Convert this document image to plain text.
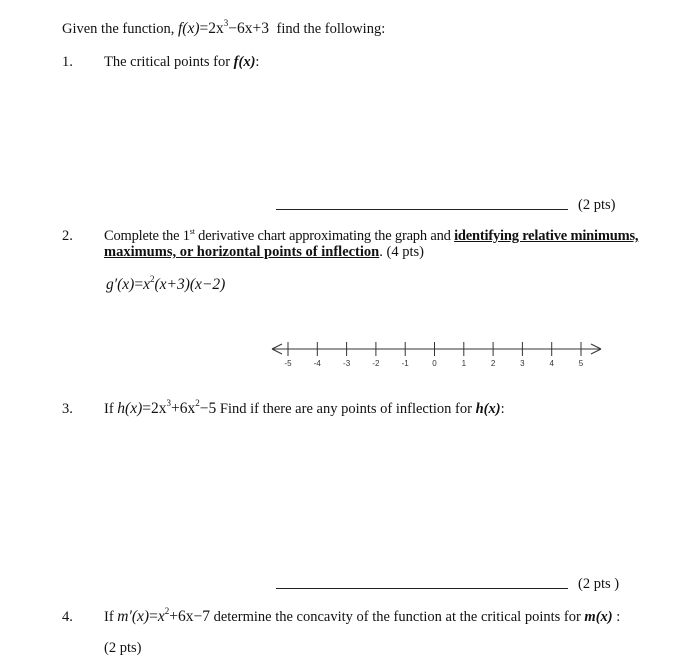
Given the function, $f(x)=2x^3-6x+3$ find the following:
1. The critical points for f(x):
(2 pts)
2. Complete the 1st derivative chart approximating the graph and identifying relative minimums,
maximums, or horizontal points of inflection. (4 pts)
$g'(x)=x^2(x+3)(x-2)$
-5	-4	-3	-2	-1	0	1	2	3	4	5
3. If $h(x)=2x^3+6x^2-5$ Find if there are any points of inflection for h(x):
(2 pts )
4. If $m'(x)=x^2+6x-7$ determine the concavity of the function at the critical points for m(x) :
(2 pts)
